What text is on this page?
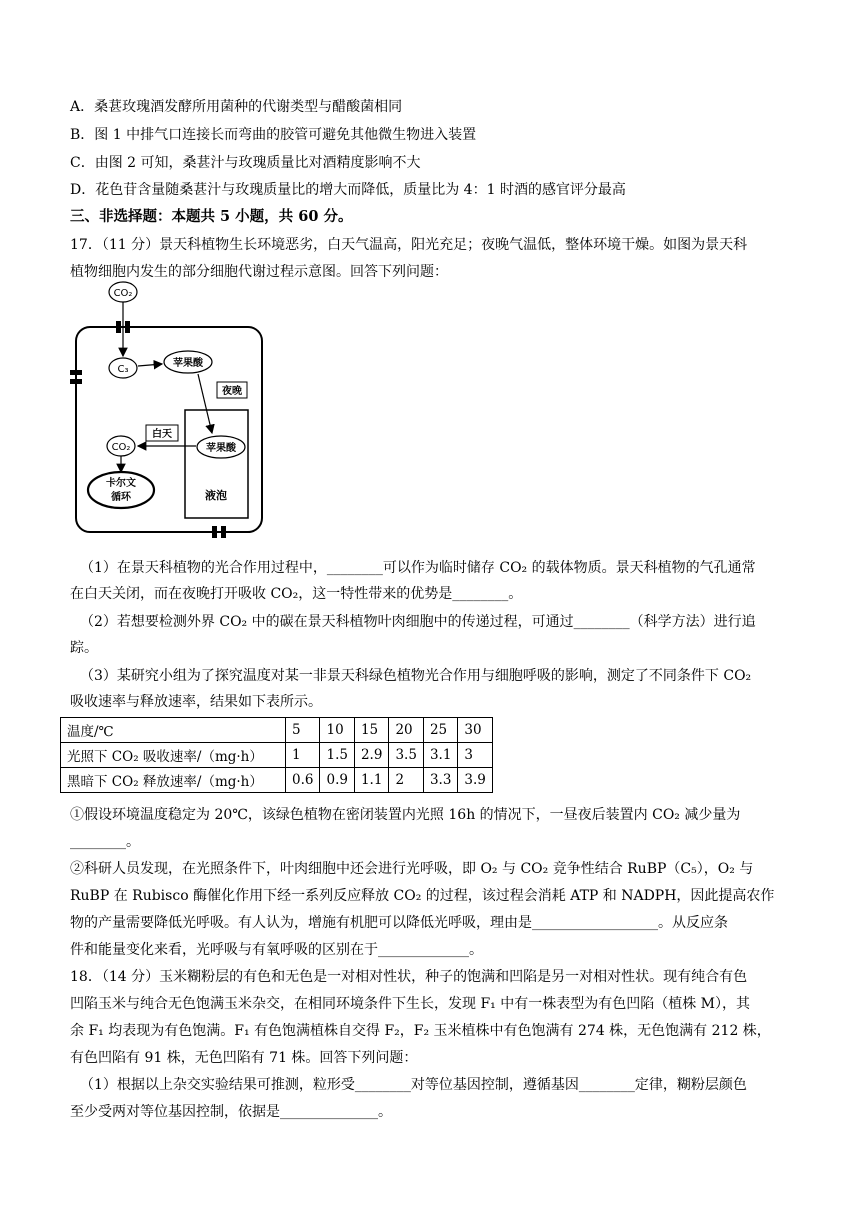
A．桑葚玫瑰酒发酵所用菌种的代谢类型与醋酸菌相同
B．图 1 中排气口连接长而弯曲的胶管可避免其他微生物进入装置
C．由图 2 可知，桑葚汁与玫瑰质量比对酒精度影响不大
D．花色苷含量随桑葚汁与玫瑰质量比的增大而降低，质量比为 4：1 时酒的感官评分最高
三、非选择题：本题共 5 小题，共 60 分。
17．（11 分）景天科植物生长环境恶劣，白天气温高，阳光充足；夜晚气温低，整体环境干燥。如图为景天科
植物细胞内发生的部分细胞代谢过程示意图。回答下列问题：
CO₂
C₃
苹果酸
夜晚
液泡
苹果酸
白天
CO₂
卡尔文
循环
（1）在景天科植物的光合作用过程中，________可以作为临时储存 CO₂ 的载体物质。景天科植物的气孔通常
在白天关闭，而在夜晚打开吸收 CO₂，这一特性带来的优势是________。
（2）若想要检测外界 CO₂ 中的碳在景天科植物叶肉细胞中的传递过程，可通过________（科学方法）进行追
踪。
（3）某研究小组为了探究温度对某一非景天科绿色植物光合作用与细胞呼吸的影响，测定了不同条件下 CO₂
吸收速率与释放速率，结果如下表所示。
温度/℃	5	10	15	20	25	30
光照下 CO₂ 吸收速率/（mg·h）	1	1.5	2.9	3.5	3.1	3
黑暗下 CO₂ 释放速率/（mg·h）	0.6	0.9	1.1	2	3.3	3.9
①假设环境温度稳定为 20℃，该绿色植物在密闭装置内光照 16h 的情况下，一昼夜后装置内 CO₂ 减少量为
________。
②科研人员发现，在光照条件下，叶肉细胞中还会进行光呼吸，即 O₂ 与 CO₂ 竞争性结合 RuBP（C₅），O₂ 与
RuBP 在 Rubisco 酶催化作用下经一系列反应释放 CO₂ 的过程，该过程会消耗 ATP 和 NADPH，因此提高农作
物的产量需要降低光呼吸。有人认为，增施有机肥可以降低光呼吸，理由是__________________。从反应条
件和能量变化来看，光呼吸与有氧呼吸的区别在于_____________。
18．（14 分）玉米糊粉层的有色和无色是一对相对性状，种子的饱满和凹陷是另一对相对性状。现有纯合有色
凹陷玉米与纯合无色饱满玉米杂交，在相同环境条件下生长，发现 F₁ 中有一株表型为有色凹陷（植株 M），其
余 F₁ 均表现为有色饱满。F₁ 有色饱满植株自交得 F₂，F₂ 玉米植株中有色饱满有 274 株，无色饱满有 212 株，
有色凹陷有 91 株，无色凹陷有 71 株。回答下列问题：
（1）根据以上杂交实验结果可推测，粒形受________对等位基因控制，遵循基因________定律，糊粉层颜色
至少受两对等位基因控制，依据是______________。
